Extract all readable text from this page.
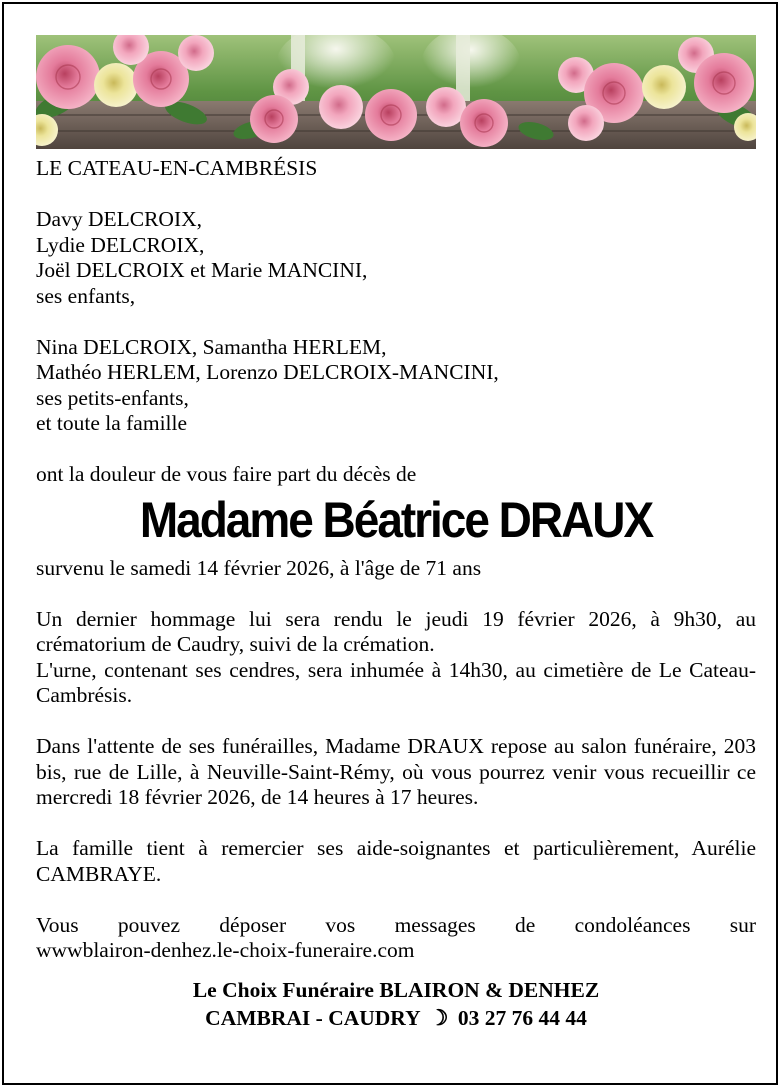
LE CATEAU-EN-CAMBRÉSIS
Davy DELCROIX,
Lydie DELCROIX,
Joël DELCROIX et Marie MANCINI,
ses enfants,
Nina DELCROIX, Samantha HERLEM,
Mathéo HERLEM, Lorenzo DELCROIX-MANCINI,
ses petits-enfants,
et toute la famille
ont la douleur de vous faire part du décès de
Madame Béatrice DRAUX
survenu le samedi 14 février 2026, à l'âge de 71 ans
Un dernier hommage lui sera rendu le jeudi 19 février 2026, à 9h30, au crématorium de Caudry, suivi de la crémation.
L'urne, contenant ses cendres, sera inhumée à 14h30, au cimetière de Le Cateau-Cambrésis.
Dans l'attente de ses funérailles, Madame DRAUX repose au salon funéraire, 203 bis, rue de Lille, à Neuville-Saint-Rémy, où vous pourrez venir vous recueillir ce mercredi 18 février 2026, de 14 heures à 17 heures.
La famille tient à remercier ses aide-soignantes et particulièrement, Aurélie CAMBRAYE.
Vous pouvez déposer vos messages de condoléances sur
wwwblairon-denhez.le-choix-funeraire.com
Le Choix Funéraire BLAIRON & DENHEZ
CAMBRAI - CAUDRY ☽ 03 27 76 44 44
